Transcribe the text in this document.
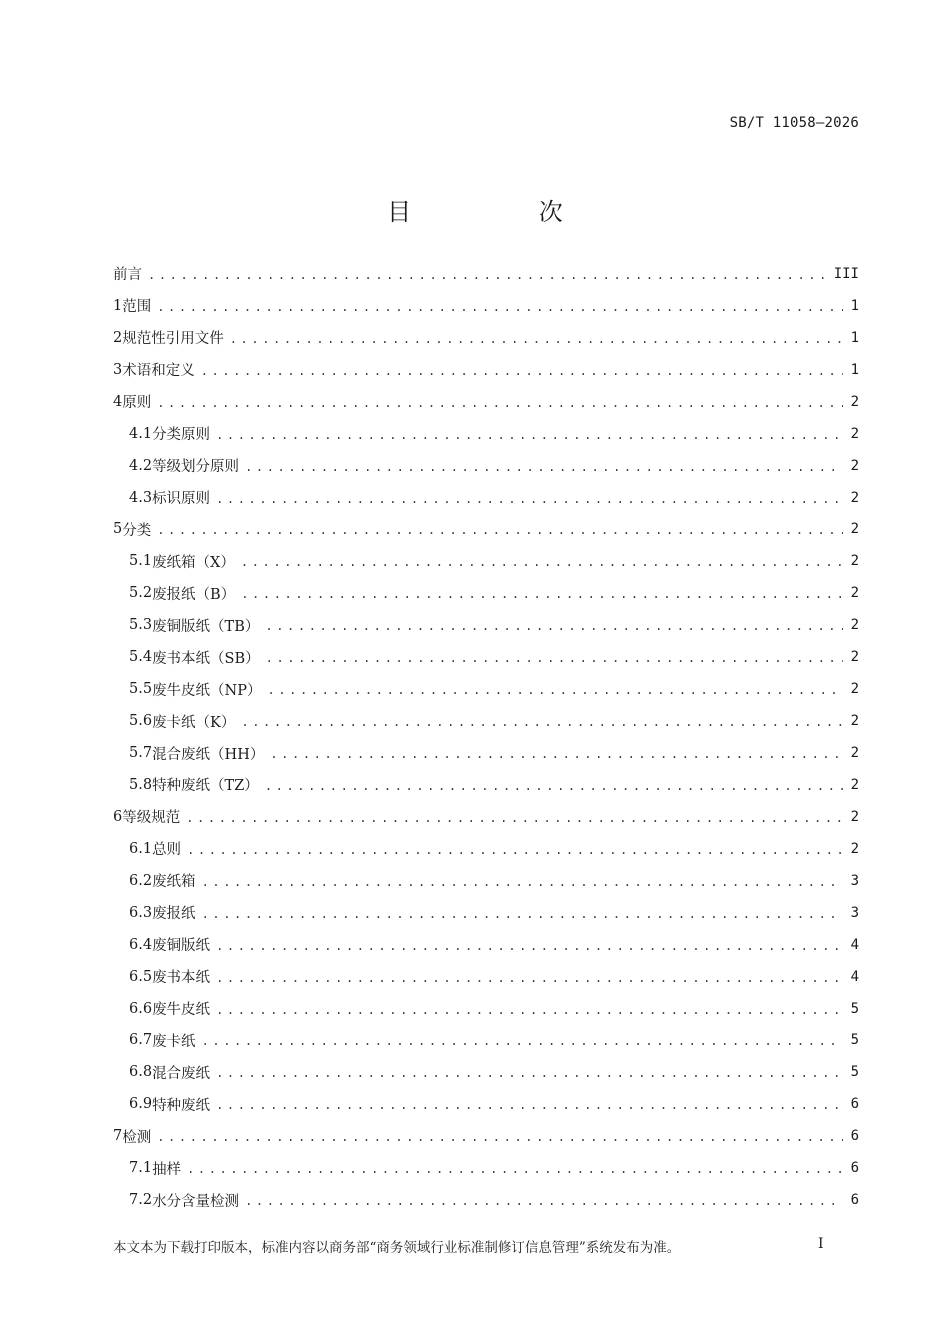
SB/T 11058—2026
目 次
前言 .....	III
1 范围 .....	1
2 规范性引用文件 .....	1
3 术语和定义 .....	1
4 原则 .....	2
4.1 分类原则 .....	2
4.2 等级划分原则 .....	2
4.3 标识原则 .....	2
5 分类 .....	2
5.1 废纸箱（X） .....	2
5.2 废报纸（B） .....	2
5.3 废铜版纸（TB） .....	2
5.4 废书本纸（SB） .....	2
5.5 废牛皮纸（NP） .....	2
5.6 废卡纸（K） .....	2
5.7 混合废纸（HH） .....	2
5.8 特种废纸（TZ） .....	2
6 等级规范 .....	2
6.1 总则 .....	2
6.2 废纸箱 .....	3
6.3 废报纸 .....	3
6.4 废铜版纸 .....	4
6.5 废书本纸 .....	4
6.6 废牛皮纸 .....	5
6.7 废卡纸 .....	5
6.8 混合废纸 .....	5
6.9 特种废纸 .....	6
7 检测 .....	6
7.1 抽样 .....	6
7.2 水分含量检测 .....	6
本文本为下载打印版本，标准内容以商务部“商务领域行业标准制修订信息管理”系统发布为准。	I
